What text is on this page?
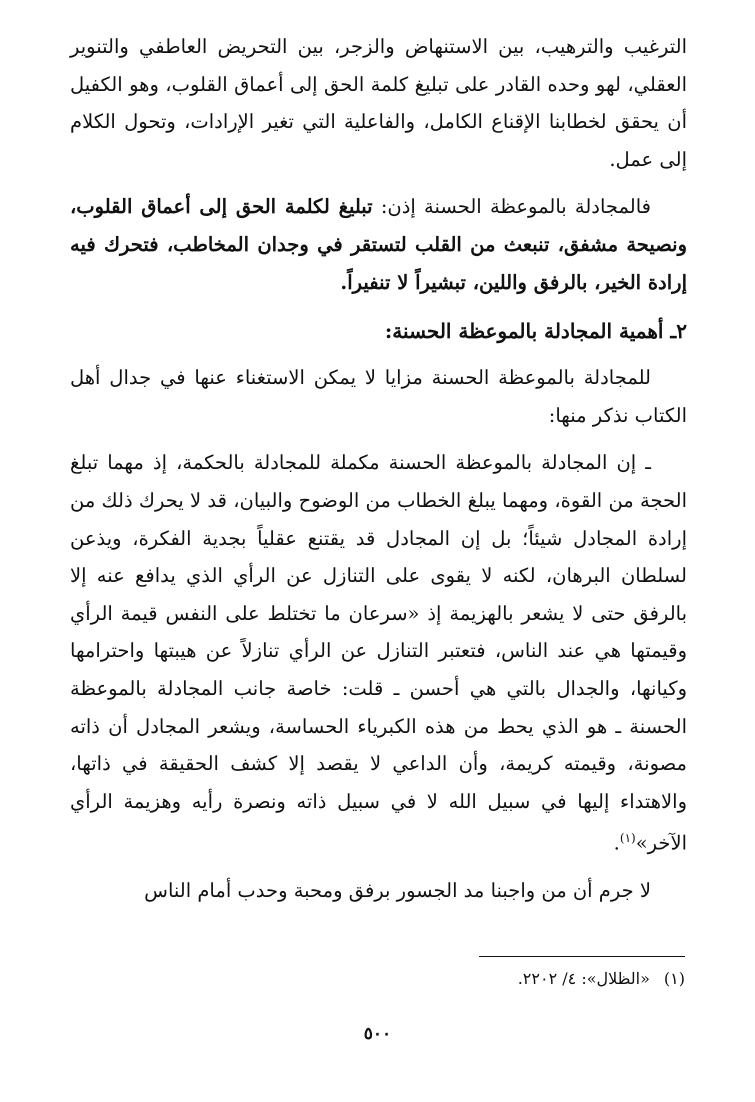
الترغيب والترهيب، بين الاستنهاض والزجر، بين التحريض العاطفي والتنوير العقلي، لهو وحده القادر على تبليغ كلمة الحق إلى أعماق القلوب، وهو الكفيل أن يحقق لخطابنا الإقناع الكامل، والفاعلية التي تغير الإرادات، وتحول الكلام إلى عمل.

فالمجادلة بالموعظة الحسنة إذن: تبليغ لكلمة الحق إلى أعماق القلوب، ونصيحة مشفق، تنبعث من القلب لتستقر في وجدان المخاطب، فتحرك فيه إرادة الخير، بالرفق واللين، تبشيراً لا تنفيراً.

٢ـ أهمية المجادلة بالموعظة الحسنة:

للمجادلة بالموعظة الحسنة مزايا لا يمكن الاستغناء عنها في جدال أهل الكتاب نذكر منها:

ـ إن المجادلة بالموعظة الحسنة مكملة للمجادلة بالحكمة، إذ مهما تبلغ الحجة من القوة، ومهما يبلغ الخطاب من الوضوح والبيان، قد لا يحرك ذلك من إرادة المجادل شيئاً؛ بل إن المجادل قد يقتنع عقلياً بجدية الفكرة، ويذعن لسلطان البرهان، لكنه لا يقوى على التنازل عن الرأي الذي يدافع عنه إلا بالرفق حتى لا يشعر بالهزيمة إذ «سرعان ما تختلط على النفس قيمة الرأي وقيمتها هي عند الناس، فتعتبر التنازل عن الرأي تنازلاً عن هيبتها واحترامها وكيانها، والجدال بالتي هي أحسن ـ قلت: خاصة جانب المجادلة بالموعظة الحسنة ـ هو الذي يحط من هذه الكبرياء الحساسة، ويشعر المجادل أن ذاته مصونة، وقيمته كريمة، وأن الداعي لا يقصد إلا كشف الحقيقة في ذاتها، والاهتداء إليها في سبيل الله لا في سبيل ذاته ونصرة رأيه وهزيمة الرأي الآخر»$^{(١)}$.

لا جرم أن من واجبنا مد الجسور برفق ومحبة وحدب أمام الناس

(١)«الظلال»: ٤/ ٢٢٠٢.
٥٠٠
